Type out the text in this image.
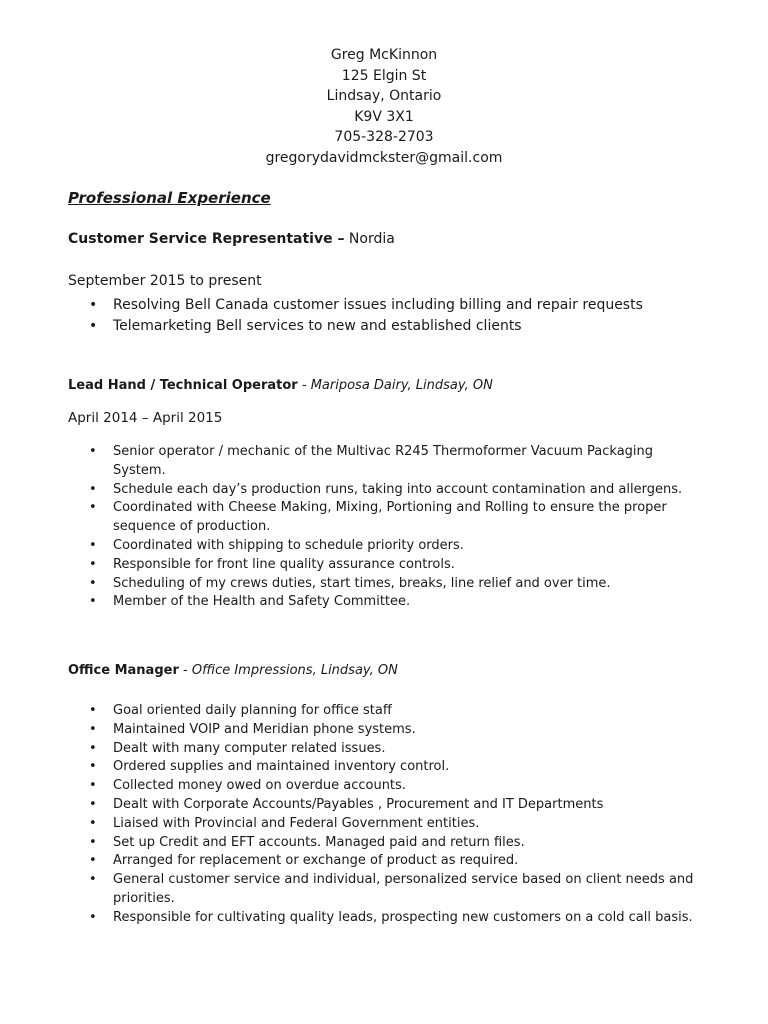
Greg McKinnon
125 Elgin St
Lindsay, Ontario
K9V 3X1
705-328-2703
gregorydavidmckster@gmail.com
Professional Experience
Customer Service Representative – Nordia
September 2015 to present
• Resolving Bell Canada customer issues including billing and repair requests
• Telemarketing Bell services to new and established clients
Lead Hand / Technical Operator - Mariposa Dairy, Lindsay, ON
April 2014 – April 2015
• Senior operator / mechanic of the Multivac R245 Thermoformer Vacuum Packaging System.
• Schedule each day’s production runs, taking into account contamination and allergens.
• Coordinated with Cheese Making, Mixing, Portioning and Rolling to ensure the proper sequence of production.
• Coordinated with shipping to schedule priority orders.
• Responsible for front line quality assurance controls.
• Scheduling of my crews duties, start times, breaks, line relief and over time.
• Member of the Health and Safety Committee.
Office Manager - Office Impressions, Lindsay, ON
• Goal oriented daily planning for office staff
• Maintained VOIP and Meridian phone systems.
• Dealt with many computer related issues.
• Ordered supplies and maintained inventory control.
• Collected money owed on overdue accounts.
• Dealt with Corporate Accounts/Payables , Procurement and IT Departments
• Liaised with Provincial and Federal Government entities.
• Set up Credit and EFT accounts. Managed paid and return files.
• Arranged for replacement or exchange of product as required.
• General customer service and individual, personalized service based on client needs and priorities.
• Responsible for cultivating quality leads, prospecting new customers on a cold call basis.
